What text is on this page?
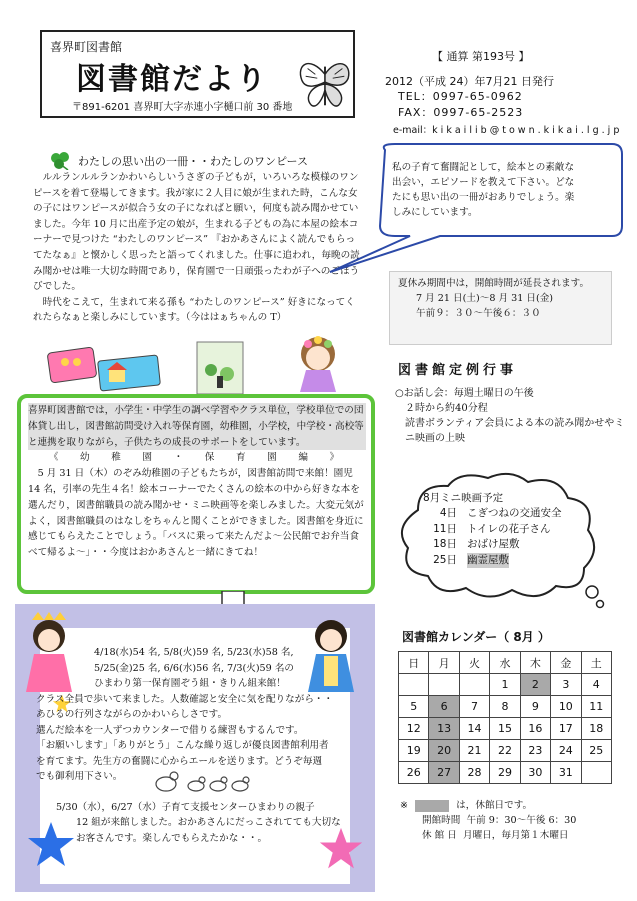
喜界町図書館
図書館だより
〒891-6201 喜界町大字赤連小字樋口前 30 番地
【 通算 第193号 】
2012（平成 24）年7月21 日発行
TEL：0997-65-0962
FAX：0997-65-2523
e-mail：k i k a i l i b @ t o w n . k i k a i . l g . j p
わたしの思い出の一冊・・わたしのワンピース

ルルランルルランかわいらしいうさぎの子どもが，いろいろな模様のワンピースを着て登場してきます。我が家に２人目に娘が生まれた時，こんな女の子にはワンピースが似合う女の子になればと願い，何度も読み聞かせていました。今年 10 月に出産予定の娘が，生まれる子どもの為に本屋の絵本コーナーで見つけた “わたしのワンピース” 『おかあさんによく読んでもらってたなぁ』と懐かしく思ったと語ってくれました。仕事に追われ，毎晩の読み聞かせは唯一大切な時間であり，保育園で一日頑張ったわが子へのごほうびでした。

時代をこえて，生まれて来る孫も “わたしのワンピース” 好きになってくれたらなぁと楽しみにしています。（今ははぁちゃんの T）

私の子育て奮闘記として，絵本との素敵な出会い，エピソードを教えて下さい。どなたにも思い出の一冊がおありでしょう。楽しみにしています。
夏休み期間中は，開館時間が延長されます。
7 月 21 日(土)～8 月 31 日(金)
午前９：３０～午後６：３０
図書館定例行事
○お話し会：毎週土曜日の午後
２時から約40分程
読書ボランティア会員による本の読み聞かせやミニ映画の上映
8月ミニ映画予定
4日 こぎつねの交通安全
11日 トイレの花子さん
18日 おばけ屋敷
25日 幽霊屋敷
喜界町図書館では，小学生・中学生の調べ学習やクラス単位，学校単位での団体貸し出し，図書館訪問受け入れ等保育園，幼稚園，小学校，中学校・高校等と連携を取りながら，子供たちの成長のサポートをしています。
《　幼　稚　園　・　保　育　園　編　》
5 月 31 日（木）のぞみ幼稚園の子どもたちが，図書館訪問で来館！園児 14 名，引率の先生４名！絵本コーナーでたくさんの絵本の中から好きな本を選んだり，図書館職員の読み聞かせ・ミニ映画等を楽しみました。大変元気がよく，図書館職員のはなしをちゃんと聞くことができました。図書館を身近に感じてもらえたことでしょう。「バスに乗って来たんだよ～公民館でお弁当食べて帰るよ～」・・今度はおかあさんと一緒にきてね！
4/18(水)54 名, 5/8(火)59 名, 5/23(水)58 名,
5/25(金)25 名, 6/6(水)56 名, 7/3(火)59 名の
ひまわり第一保育園ぞう組・きりん組来館！
クラス全員で歩いて来ました。人数確認と安全に気を配りながら・・
あひるの行列さながらのかわいらしさです。
選んだ絵本を一人ずつカウンターで借りる練習もするんです。
「お願いします」「ありがとう」こんな繰り返しが優良図書館利用者
を育てます。先生方の奮闘に心からエールを送ります。どうぞ毎週
でも御利用下さい。
5/30（水），6/27（水）子育て支援センターひまわりの親子
12 組が来館しました。おかあさんにだっこされてても大切な
お客さんです。楽しんでもらえたかな・・。
図書館カレンダー（ 8月 ）
日	月	火	水	木	金	土
			1	2	3	4
5	6	7	8	9	10	11
12	13	14	15	16	17	18
19	20	21	22	23	24	25
26	27	28	29	30	31	
※	は，休館日です。
開館時間 午前 9：30～午後 6：30
休 館 日 月曜日，毎月第１木曜日
